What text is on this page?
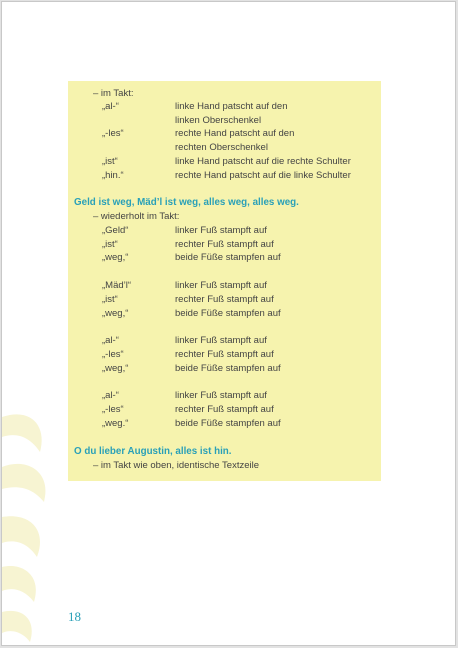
– im Takt:

„al-“	linke Hand patscht auf den

linken Oberschenkel

„-les“	rechte Hand patscht auf den

rechten Oberschenkel

„ist“	linke Hand patscht auf die rechte Schulter

„hin.“	rechte Hand patscht auf die linke Schulter

Geld ist weg, Mäd’l ist weg, alles weg, alles weg.

– wiederholt im Takt:

„Geld“	linker Fuß stampft auf

„ist“	rechter Fuß stampft auf

„weg,“	beide Füße stampfen auf

„Mäd’l“	linker Fuß stampft auf

„ist“	rechter Fuß stampft auf

„weg,“	beide Füße stampfen auf

„al-“	linker Fuß stampft auf

„-les“	rechter Fuß stampft auf

„weg,“	beide Füße stampfen auf

„al-“	linker Fuß stampft auf

„-les“	rechter Fuß stampft auf

„weg.“	beide Füße stampfen auf

O du lieber Augustin, alles ist hin.

– im Takt wie oben, identische Textzeile

18
